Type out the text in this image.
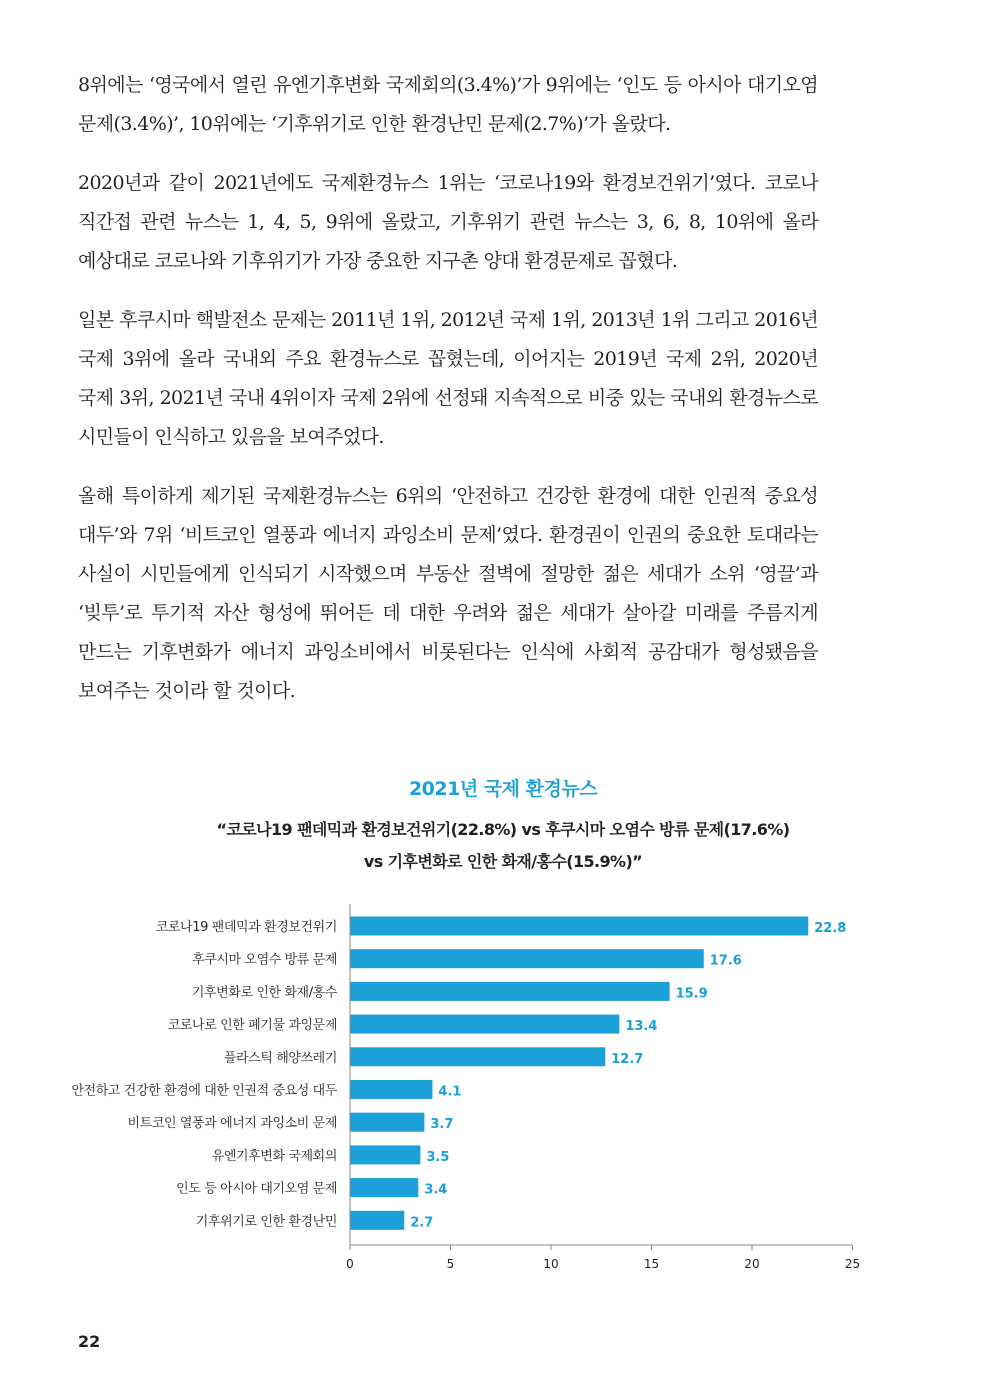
8위에는 ‘영국에서 열린 유엔기후변화 국제회의(3.4%)’가 9위에는 ‘인도 등 아시아 대기오염 문제(3.4%)’, 10위에는 ‘기후위기로 인한 환경난민 문제(2.7%)’가 올랐다.

2020년과 같이 2021년에도 국제환경뉴스 1위는 ‘코로나19와 환경보건위기’였다. 코로나 직간접 관련 뉴스는 1, 4, 5, 9위에 올랐고, 기후위기 관련 뉴스는 3, 6, 8, 10위에 올라 예상대로 코로나와 기후위기가 가장 중요한 지구촌 양대 환경문제로 꼽혔다.

일본 후쿠시마 핵발전소 문제는 2011년 1위, 2012년 국제 1위, 2013년 1위 그리고 2016년 국제 3위에 올라 국내외 주요 환경뉴스로 꼽혔는데, 이어지는 2019년 국제 2위, 2020년 국제 3위, 2021년 국내 4위이자 국제 2위에 선정돼 지속적으로 비중 있는 국내외 환경뉴스로 시민들이 인식하고 있음을 보여주었다.

올해 특이하게 제기된 국제환경뉴스는 6위의 ‘안전하고 건강한 환경에 대한 인권적 중요성 대두’와 7위 ‘비트코인 열풍과 에너지 과잉소비 문제’였다. 환경권이 인권의 중요한 토대라는 사실이 시민들에게 인식되기 시작했으며 부동산 절벽에 절망한 젊은 세대가 소위 ‘영끌’과 ‘빚투’로 투기적 자산 형성에 뛰어든 데 대한 우려와 젊은 세대가 살아갈 미래를 주름지게 만드는 기후변화가 에너지 과잉소비에서 비롯된다는 인식에 사회적 공감대가 형성됐음을 보여주는 것이라 할 것이다.

2021년 국제 환경뉴스
“코로나19 팬데믹과 환경보건위기(22.8%) vs 후쿠시마 오염수 방류 문제(17.6%)
vs 기후변화로 인한 화재/홍수(15.9%)”
코로나19 팬데믹과 환경보건위기	22.8
후쿠시마 오염수 방류 문제	17.6
기후변화로 인한 화재/홍수	15.9
코로나로 인한 폐기물 과잉문제	13.4
플라스틱 해양쓰레기	12.7
안전하고 건강한 환경에 대한 인권적 중요성 대두	4.1
비트코인 열풍과 에너지 과잉소비 문제	3.7
유엔기후변화 국제회의	3.5
인도 등 아시아 대기오염 문제	3.4
기후위기로 인한 환경난민	2.7
0	5	10	15	20	25
22
